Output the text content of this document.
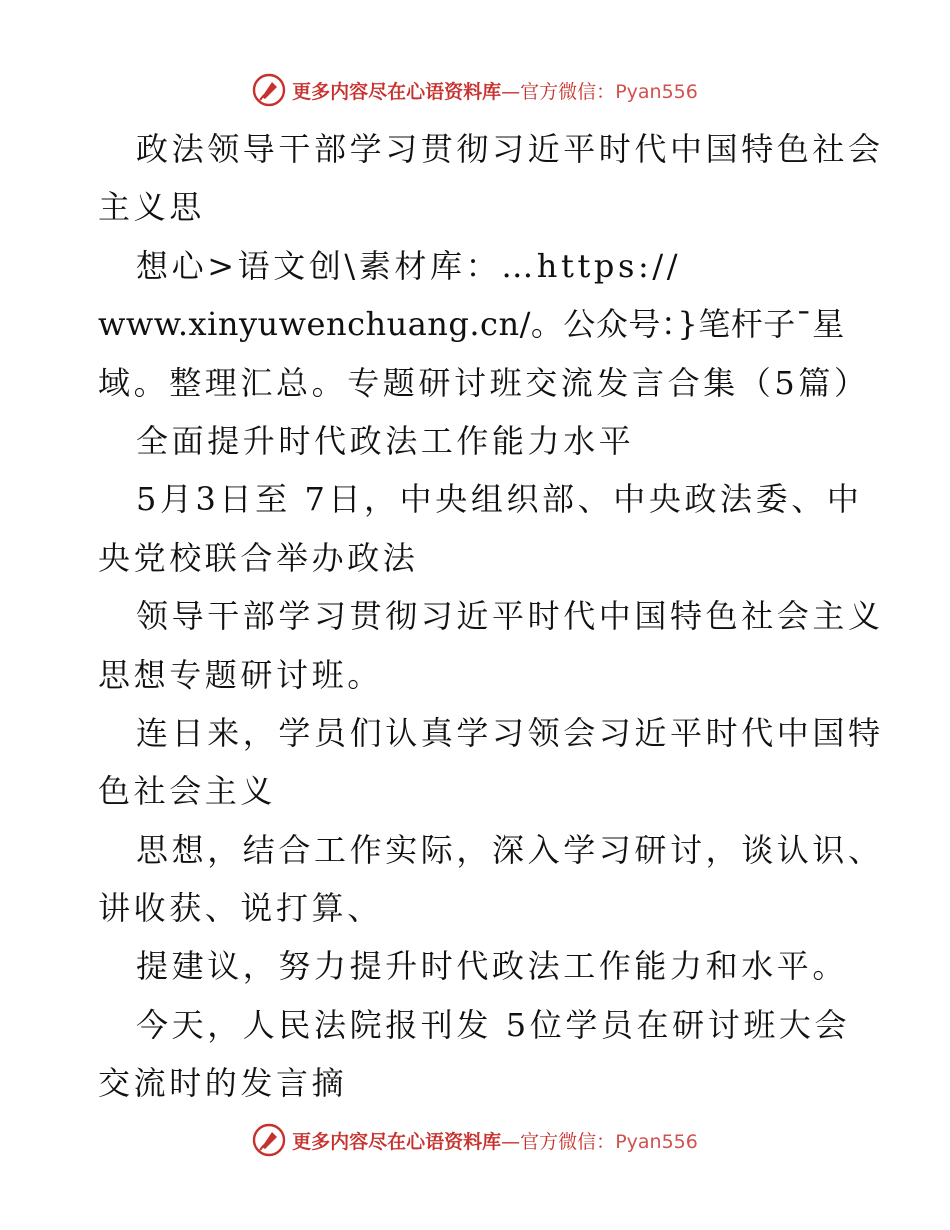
更多内容尽在心语资料库—官方微信：Pyan556
政法领导干部学习贯彻习近平时代中国特色社会
主义思
想心>语文创\素材库：…https://
www.xinyuwenchuang.cn/。公众号：}笔杆子¯星
域。整理汇总。专题研讨班交流发言合集（5篇）
全面提升时代政法工作能力水平
5月3日至 7日，中央组织部、中央政法委、中
央党校联合举办政法
领导干部学习贯彻习近平时代中国特色社会主义
思想专题研讨班。
连日来，学员们认真学习领会习近平时代中国特
色社会主义
思想，结合工作实际，深入学习研讨，谈认识、
讲收获、说打算、
提建议，努力提升时代政法工作能力和水平。
今天，人民法院报刊发 5位学员在研讨班大会
交流时的发言摘
更多内容尽在心语资料库—官方微信：Pyan556
